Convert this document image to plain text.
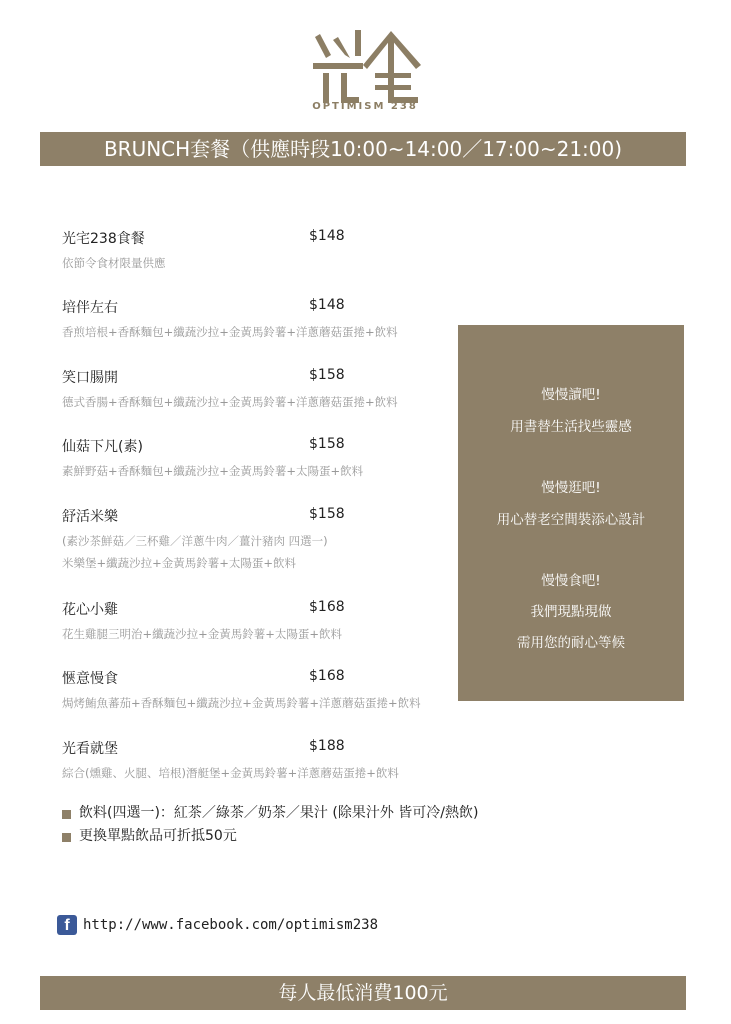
OPTIMISM 238
BRUNCH套餐（供應時段10:00~14:00／17:00~21:00)
光宅238食餐	$148
依節令食材限量供應
培伴左右	$148
香煎培根+香酥麵包+纖蔬沙拉+金黃馬鈴薯+洋蔥蘑菇蛋捲+飲料
笑口腸開	$158
德式香腸+香酥麵包+纖蔬沙拉+金黃馬鈴薯+洋蔥蘑菇蛋捲+飲料
仙菇下凡(素)	$158
素鮮野菇+香酥麵包+纖蔬沙拉+金黃馬鈴薯+太陽蛋+飲料
舒活米樂	$158
(素沙茶鮮菇／三杯雞／洋蔥牛肉／薑汁豬肉 四選一)
米樂堡+纖蔬沙拉+金黃馬鈴薯+太陽蛋+飲料
花心小雞	$168
花生雞腿三明治+纖蔬沙拉+金黃馬鈴薯+太陽蛋+飲料
愜意慢食	$168
焗烤鮪魚蕃茄+香酥麵包+纖蔬沙拉+金黃馬鈴薯+洋蔥蘑菇蛋捲+飲料
光看就堡	$188
綜合(燻雞、火腿、培根)潛艇堡+金黃馬鈴薯+洋蔥蘑菇蛋捲+飲料
慢慢讀吧!
用書替生活找些靈感
慢慢逛吧!
用心替老空間裝添心設計
慢慢食吧!
我們現點現做
需用您的耐心等候
飲料(四選一)：紅茶／綠茶／奶茶／果汁 (除果汁外 皆可冷/熱飲)
更換單點飲品可折抵50元
f http://www.facebook.com/optimism238
每人最低消費100元
